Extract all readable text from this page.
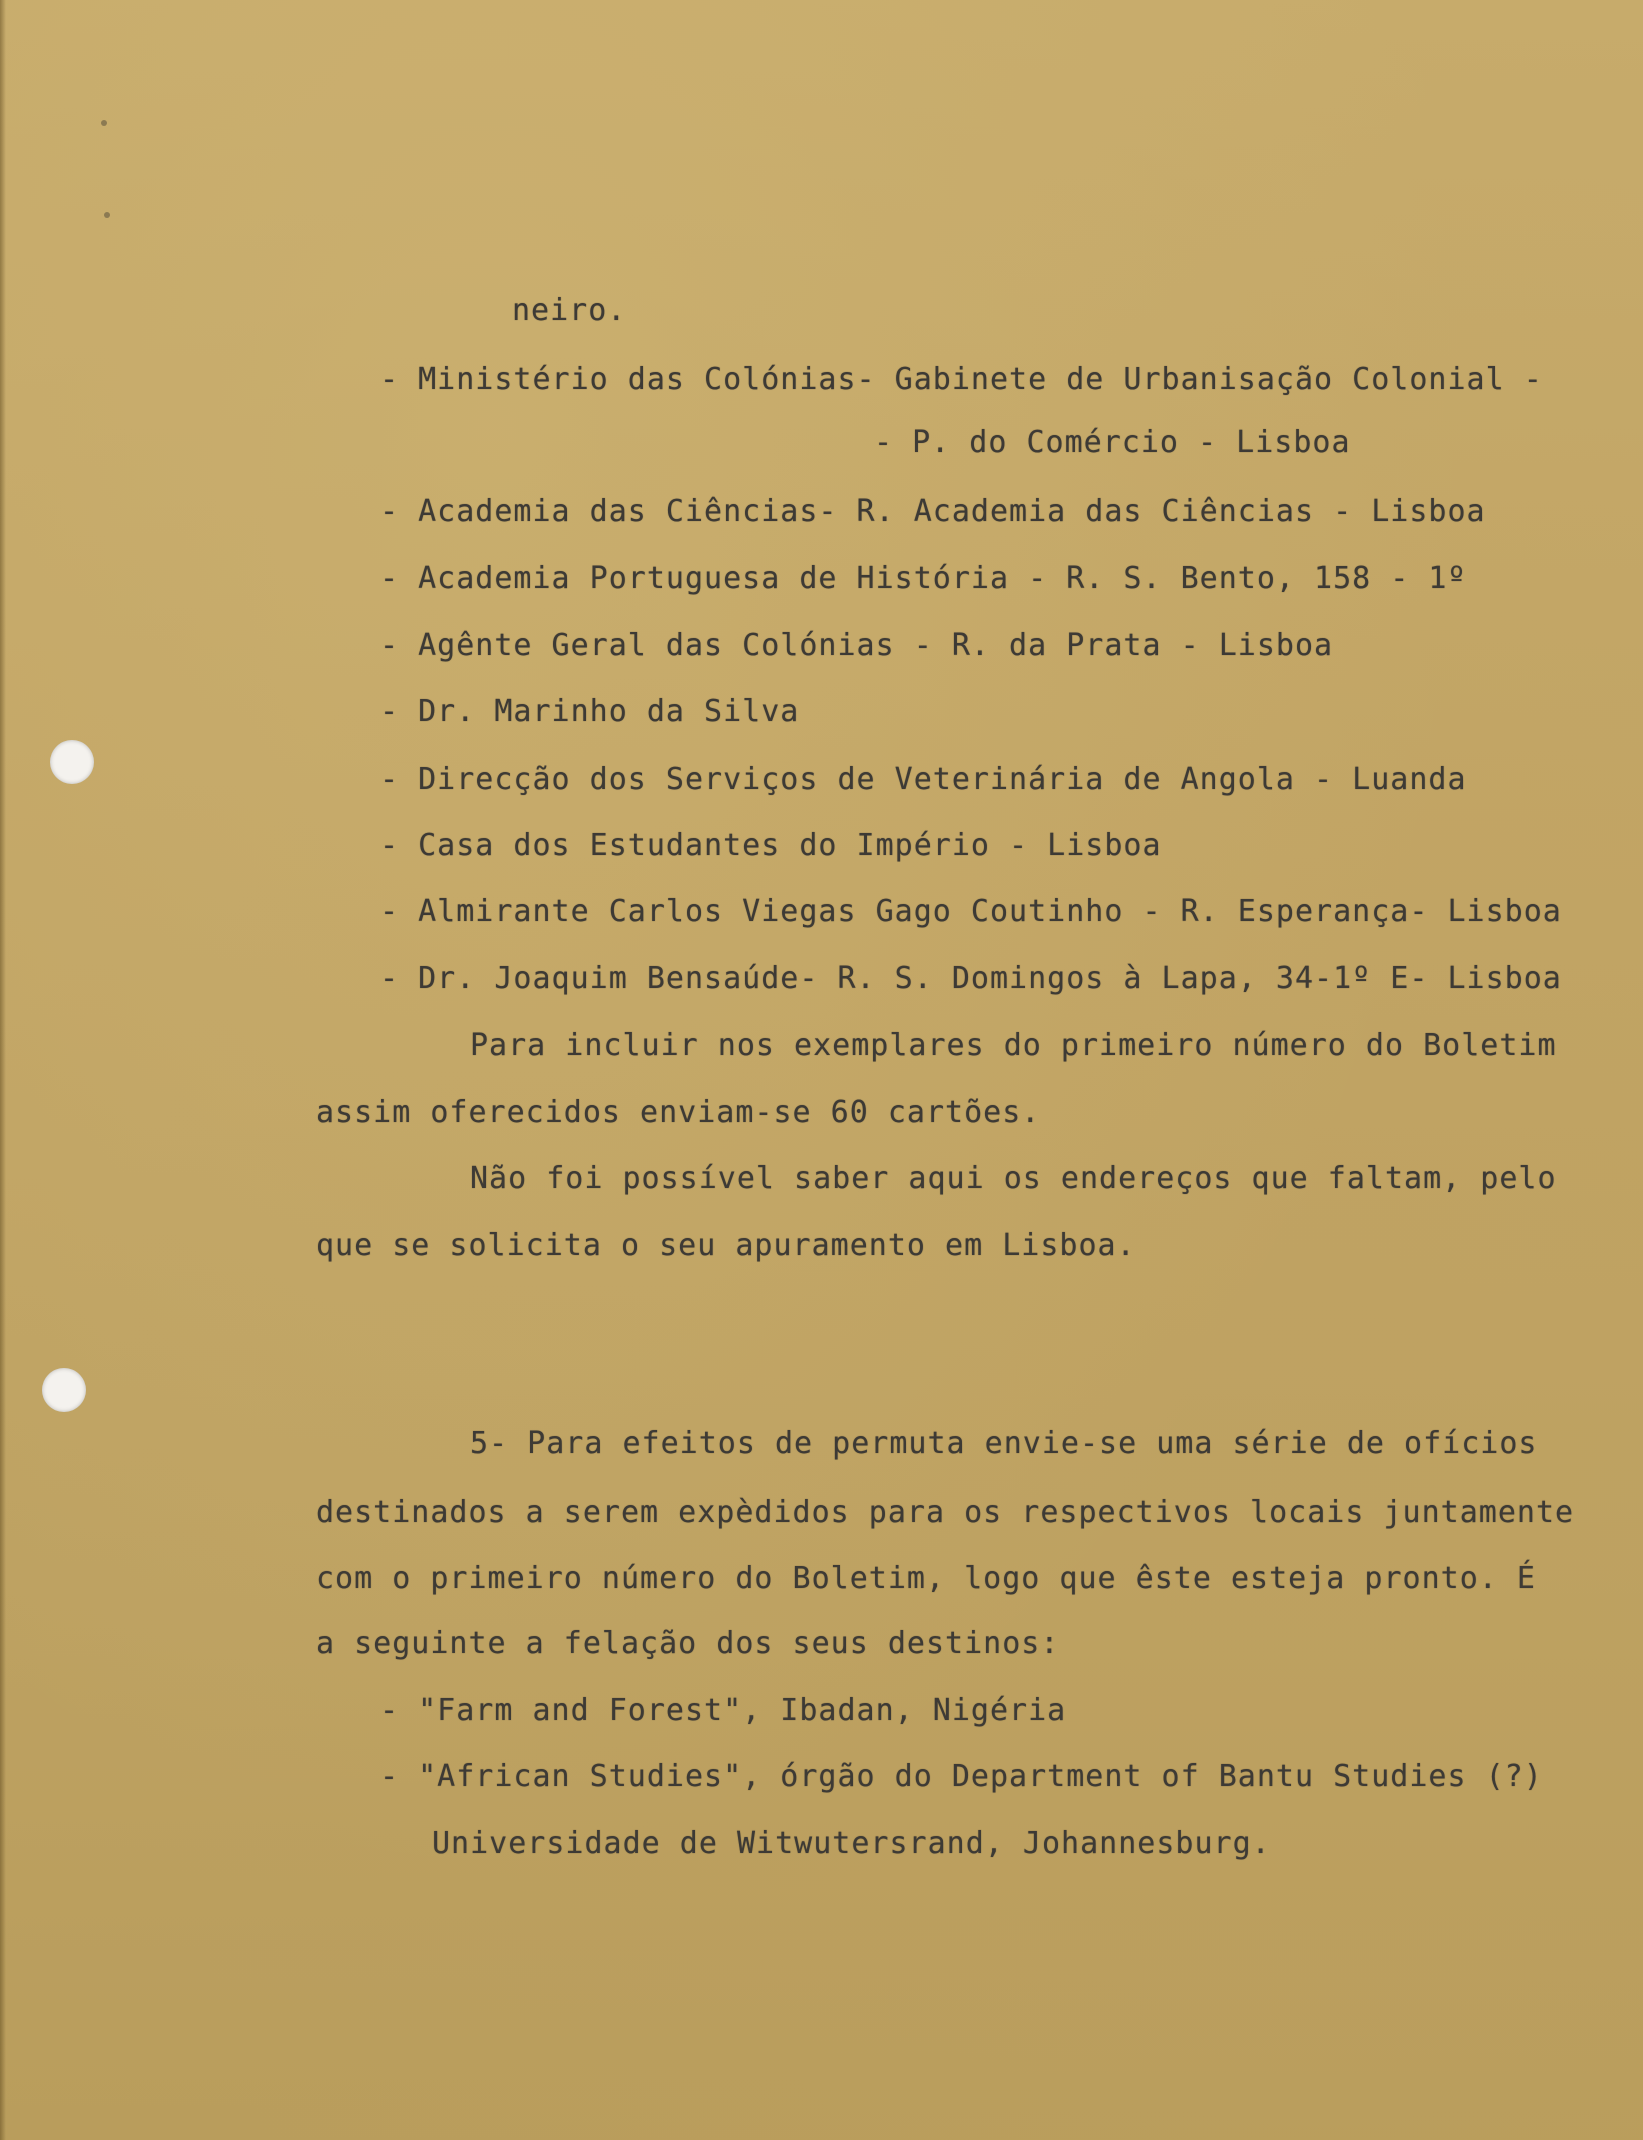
neiro.
- Ministério das Colónias- Gabinete de Urbanisação Colonial -
- P. do Comércio - Lisboa
- Academia das Ciências- R. Academia das Ciências - Lisboa
- Academia Portuguesa de História - R. S. Bento, 158 - 1º
- Agênte Geral das Colónias - R. da Prata - Lisboa
- Dr. Marinho da Silva
- Direcção dos Serviços de Veterinária de Angola - Luanda
- Casa dos Estudantes do Império - Lisboa
- Almirante Carlos Viegas Gago Coutinho - R. Esperança- Lisboa
- Dr. Joaquim Bensaúde- R. S. Domingos à Lapa, 34-1º E- Lisboa
Para incluir nos exemplares do primeiro número do Boletim
assim oferecidos enviam-se 60 cartões.
Não foi possível saber aqui os endereços que faltam, pelo
que se solicita o seu apuramento em Lisboa.
5- Para efeitos de permuta envie-se uma série de ofícios
destinados a serem expèdidos para os respectivos locais juntamente
com o primeiro número do Boletim, logo que êste esteja pronto. É
a seguinte a felação dos seus destinos:
- "Farm and Forest", Ibadan, Nigéria
- "African Studies", órgão do Department of Bantu Studies (?)
Universidade de Witwutersrand, Johannesburg.
